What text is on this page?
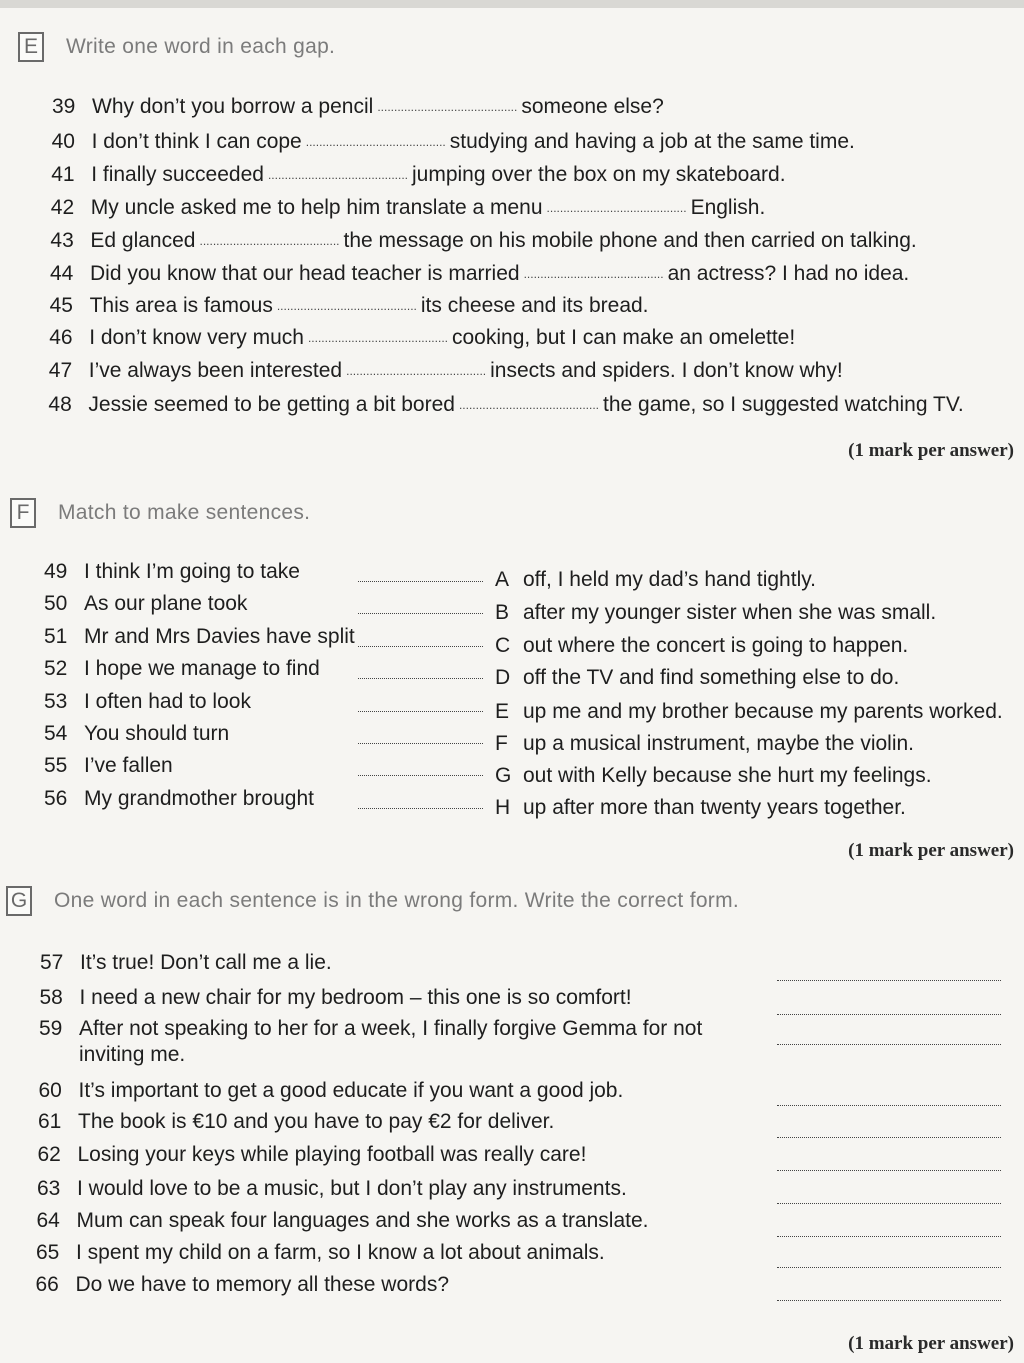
E Write one word in each gap.
39 Why don’t you borrow a pencil .......................................... someone else?
40 I don’t think I can cope .......................................... studying and having a job at the same time.
41 I finally succeeded .......................................... jumping over the box on my skateboard.
42 My uncle asked me to help him translate a menu .......................................... English.
43 Ed glanced .......................................... the message on his mobile phone and then carried on talking.
44 Did you know that our head teacher is married .......................................... an actress? I had no idea.
45 This area is famous .......................................... its cheese and its bread.
46 I don’t know very much .......................................... cooking, but I can make an omelette!
47 I’ve always been interested .......................................... insects and spiders. I don’t know why!
48 Jessie seemed to be getting a bit bored .......................................... the game, so I suggested watching TV.
(1 mark per answer)
F	Match to make sentences.
49 I think I’m going to take	A off, I held my dad’s hand tightly.
50 As our plane took	B after my younger sister when she was small.
51 Mr and Mrs Davies have split	C out where the concert is going to happen.
52 I hope we manage to find	D off the TV and find something else to do.
53 I often had to look	E up me and my brother because my parents worked.
54 You should turn	F up a musical instrument, maybe the violin.
55 I’ve fallen	G out with Kelly because she hurt my feelings.
56 My grandmother brought	H up after more than twenty years together.
(1 mark per answer)
G One word in each sentence is in the wrong form. Write the correct form.
57 It’s true! Don’t call me a lie.
58 I need a new chair for my bedroom – this one is so comfort!
59 After not speaking to her for a week, I finally forgive Gemma for not
inviting me.
60 It’s important to get a good educate if you want a good job.
61 The book is €10 and you have to pay €2 for deliver.
62 Losing your keys while playing football was really care!
63 I would love to be a music, but I don’t play any instruments.
64 Mum can speak four languages and she works as a translate.
65 I spent my child on a farm, so I know a lot about animals.
66 Do we have to memory all these words?
(1 mark per answer)
